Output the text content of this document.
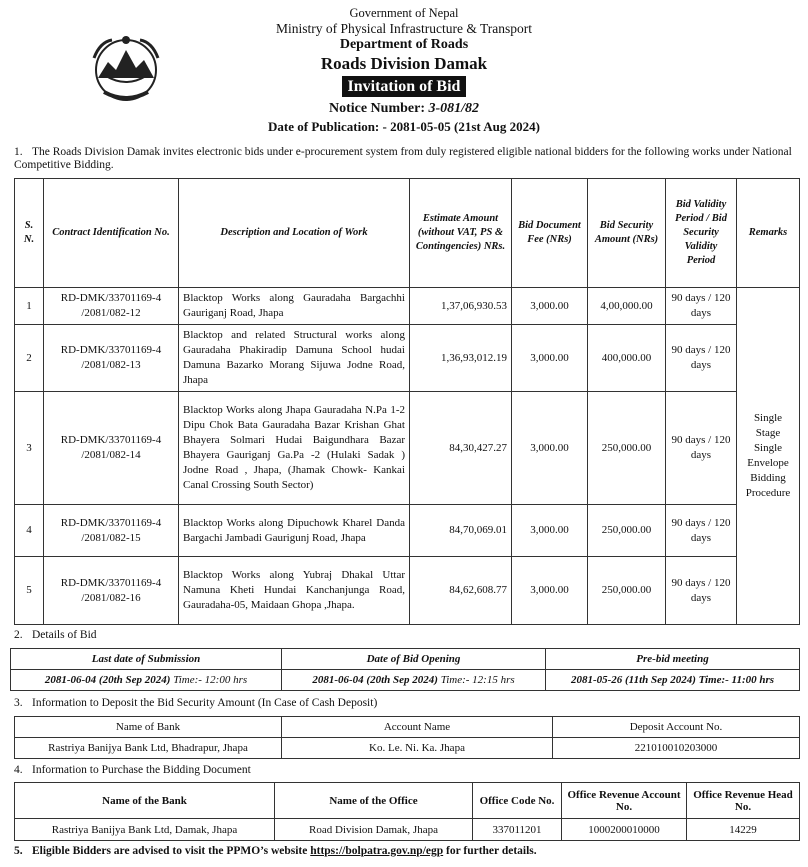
Government of Nepal
Ministry of Physical Infrastructure & Transport
Department of Roads
Roads Division Damak
Invitation of Bid
Notice Number: 3-081/82
Date of Publication: - 2081-05-05 (21st Aug 2024)
1. The Roads Division Damak invites electronic bids under e-procurement system from duly registered eligible national bidders for the following works under National Competitive Bidding.
S. N.	Contract Identification No.	Description and Location of Work	Estimate Amount (without VAT, PS & Contingencies) NRs.	Bid Document Fee (NRs)	Bid Security Amount (NRs)	Bid Validity Period / Bid Security Validity Period	Remarks
1	RD-DMK/33701169-4 /2081/082-12	Blacktop Works along Gauradaha Bargachhi Gauriganj Road, Jhapa	1,37,06,930.53	3,000.00	4,00,000.00	90 days / 120 days	Single Stage Single Envelope Bidding Procedure
2	RD-DMK/33701169-4 /2081/082-13	Blacktop and related Structural works along Gauradaha Phakiradip Damuna School hudai Damuna Bazarko Morang Sijuwa Jodne Road, Jhapa	1,36,93,012.19	3,000.00	400,000.00	90 days / 120 days	
3	RD-DMK/33701169-4 /2081/082-14	Blacktop Works along Jhapa Gauradaha N.Pa 1-2 Dipu Chok Bata Gauradaha Bazar Krishan Ghat Bhayera Solmari Hudai Baigundhara Bazar Bhayera Gauriganj Ga.Pa -2 (Hulaki Sadak ) Jodne Road , Jhapa, (Jhamak Chowk- Kankai Canal Crossing South Sector)	84,30,427.27	3,000.00	250,000.00	90 days / 120 days	
4	RD-DMK/33701169-4 /2081/082-15	Blacktop Works along Dipuchowk Kharel Danda Bargachi Jambadi Gaurigunj Road, Jhapa	84,70,069.01	3,000.00	250,000.00	90 days / 120 days	
5	RD-DMK/33701169-4 /2081/082-16	Blacktop Works along Yubraj Dhakal Uttar Namuna Kheti Hundai Kanchanjunga Road, Gauradaha-05, Maidaan Ghopa ,Jhapa.	84,62,608.77	3,000.00	250,000.00	90 days / 120 days	
2. Details of Bid
Last date of Submission	Date of Bid Opening	Pre-bid meeting
2081-06-04 (20th Sep 2024) Time:- 12:00 hrs	2081-06-04 (20th Sep 2024) Time:- 12:15 hrs	2081-05-26 (11th Sep 2024) Time:- 11:00 hrs
3. Information to Deposit the Bid Security Amount (In Case of Cash Deposit)
Name of Bank	Account Name	Deposit Account No.
Rastriya Banijya Bank Ltd, Bhadrapur, Jhapa	Ko. Le. Ni. Ka. Jhapa	221010010203000
4. Information to Purchase the Bidding Document
Name of the Bank	Name of the Office	Office Code No.	Office Revenue Account No.	Office Revenue Head No.
Rastriya Banijya Bank Ltd, Damak, Jhapa	Road Division Damak, Jhapa	337011201	1000200010000	14229
5. Eligible Bidders are advised to visit the PPMO’s website https://bolpatra.gov.np/egp for further details.
